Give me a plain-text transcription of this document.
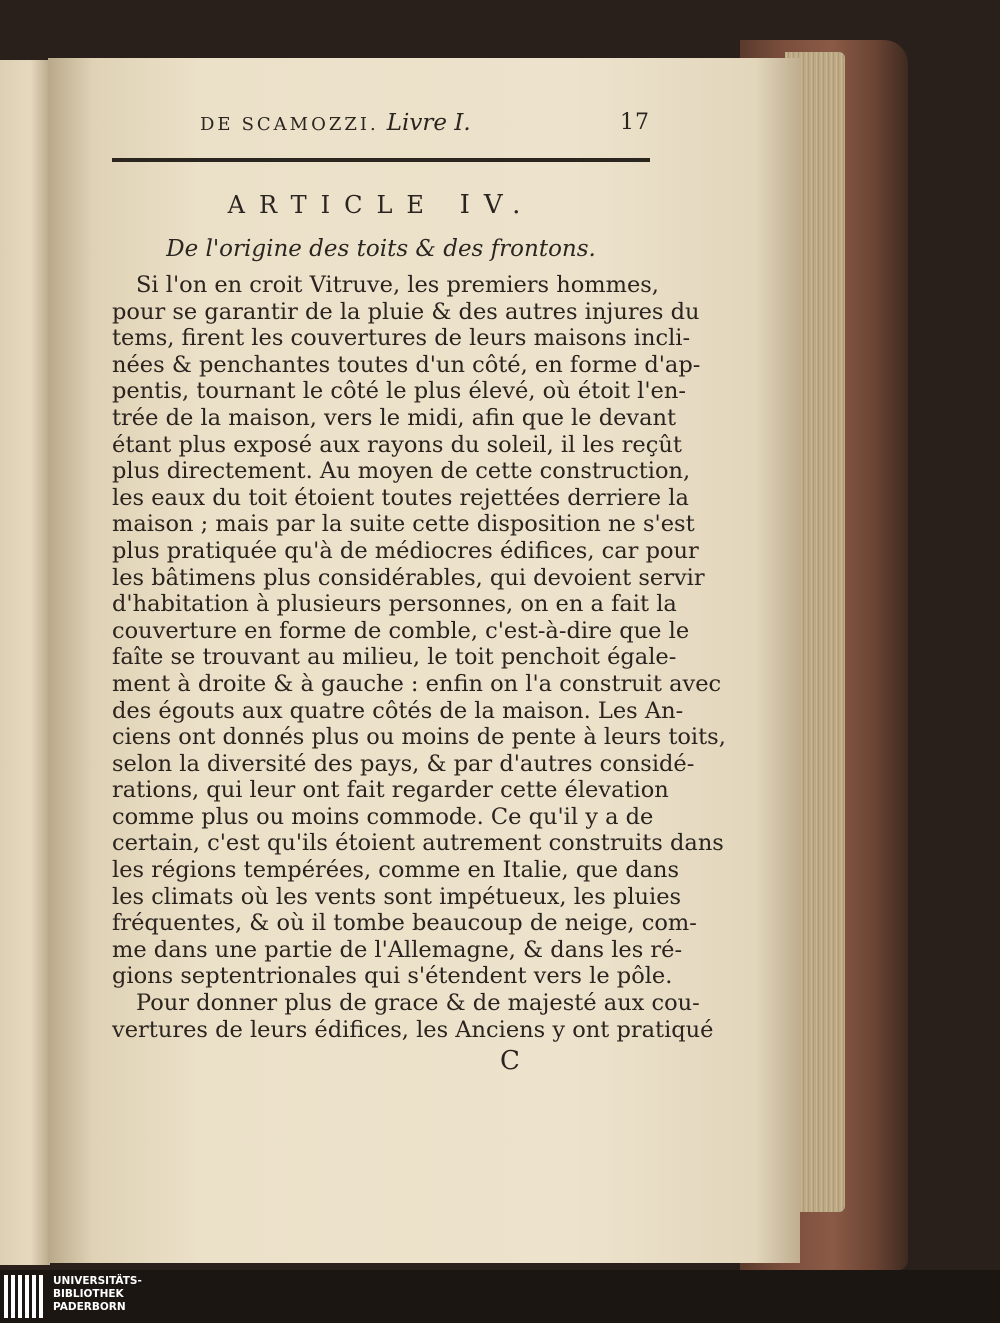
DE SCAMOZZI. Livre I.	17
ARTICLE IV.
De l'origine des toits & des frontons.
Si l'on en croit Vitruve, les premiers hommes,
pour se garantir de la pluie & des autres injures du
tems, firent les couvertures de leurs maisons incli-
nées & penchantes toutes d'un côté, en forme d'ap-
pentis, tournant le côté le plus élevé, où étoit l'en-
trée de la maison, vers le midi, afin que le devant
étant plus exposé aux rayons du soleil, il les reçût
plus directement. Au moyen de cette construction,
les eaux du toit étoient toutes rejettées derriere la
maison ; mais par la suite cette disposition ne s'est
plus pratiquée qu'à de médiocres édifices, car pour
les bâtimens plus considérables, qui devoient servir
d'habitation à plusieurs personnes, on en a fait la
couverture en forme de comble, c'est-à-dire que le
faîte se trouvant au milieu, le toit penchoit égale-
ment à droite & à gauche : enfin on l'a construit avec
des égouts aux quatre côtés de la maison. Les An-
ciens ont donnés plus ou moins de pente à leurs toits,
selon la diversité des pays, & par d'autres considé-
rations, qui leur ont fait regarder cette élevation
comme plus ou moins commode. Ce qu'il y a de
certain, c'est qu'ils étoient autrement construits dans
les régions tempérées, comme en Italie, que dans
les climats où les vents sont impétueux, les pluies
fréquentes, & où il tombe beaucoup de neige, com-
me dans une partie de l'Allemagne, & dans les ré-
gions septentrionales qui s'étendent vers le pôle.
Pour donner plus de grace & de majesté aux cou-
vertures de leurs édifices, les Anciens y ont pratiqué
C
UNIVERSITÄTS-
BIBLIOTHEK
PADERBORN
